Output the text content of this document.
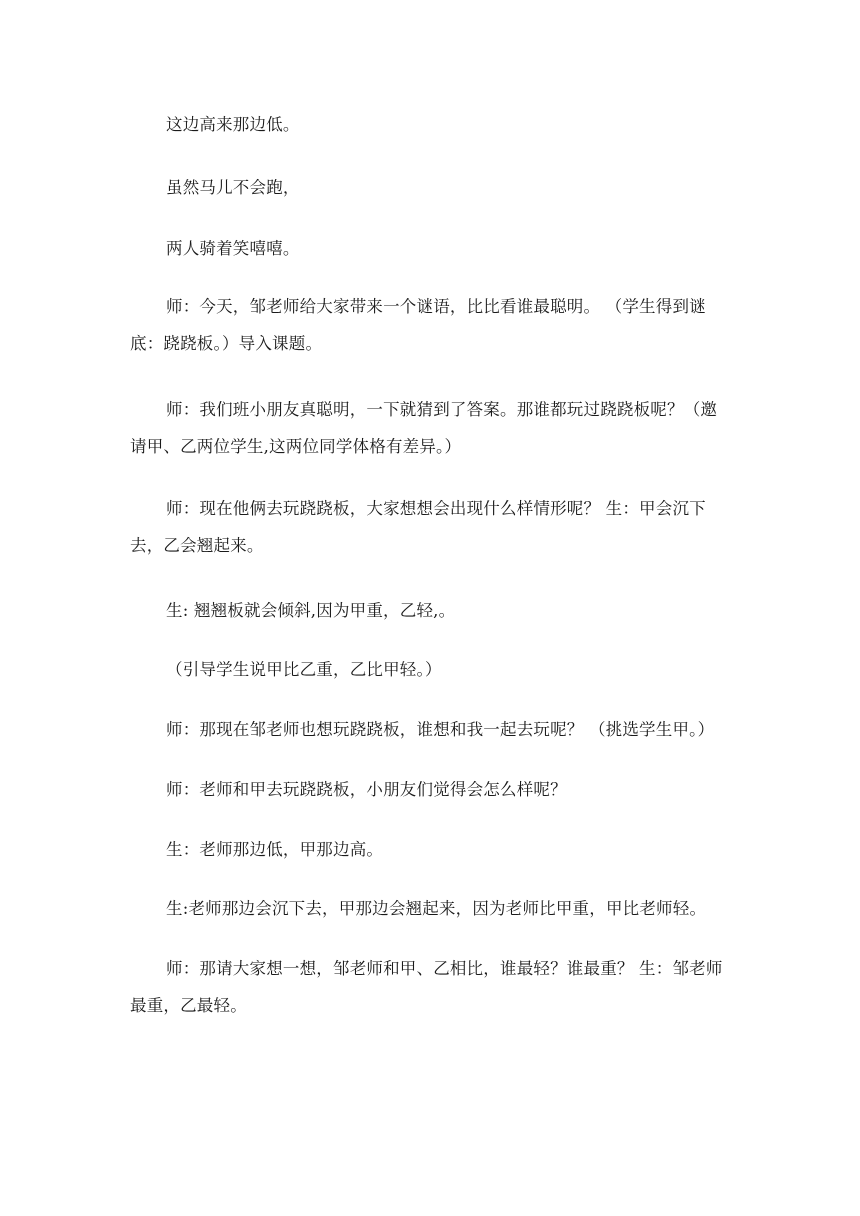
这边高来那边低。

虽然马儿不会跑，

两人骑着笑嘻嘻。

师：今天，邹老师给大家带来一个谜语，比比看谁最聪明。 （学生得到谜底：跷跷板。）导入课题。

师：我们班小朋友真聪明，一下就猜到了答案。那谁都玩过跷跷板呢？（邀请甲、乙两位学生,这两位同学体格有差异。）

师：现在他俩去玩跷跷板，大家想想会出现什么样情形呢？ 生：甲会沉下去，乙会翘起来。

生: 翘翘板就会倾斜,因为甲重，乙轻,。

（引导学生说甲比乙重，乙比甲轻。）

师：那现在邹老师也想玩跷跷板，谁想和我一起去玩呢？ （挑选学生甲。）

师：老师和甲去玩跷跷板，小朋友们觉得会怎么样呢？

生：老师那边低，甲那边高。

生:老师那边会沉下去，甲那边会翘起来，因为老师比甲重，甲比老师轻。

师：那请大家想一想，邹老师和甲、乙相比，谁最轻？谁最重？ 生：邹老师最重，乙最轻。
